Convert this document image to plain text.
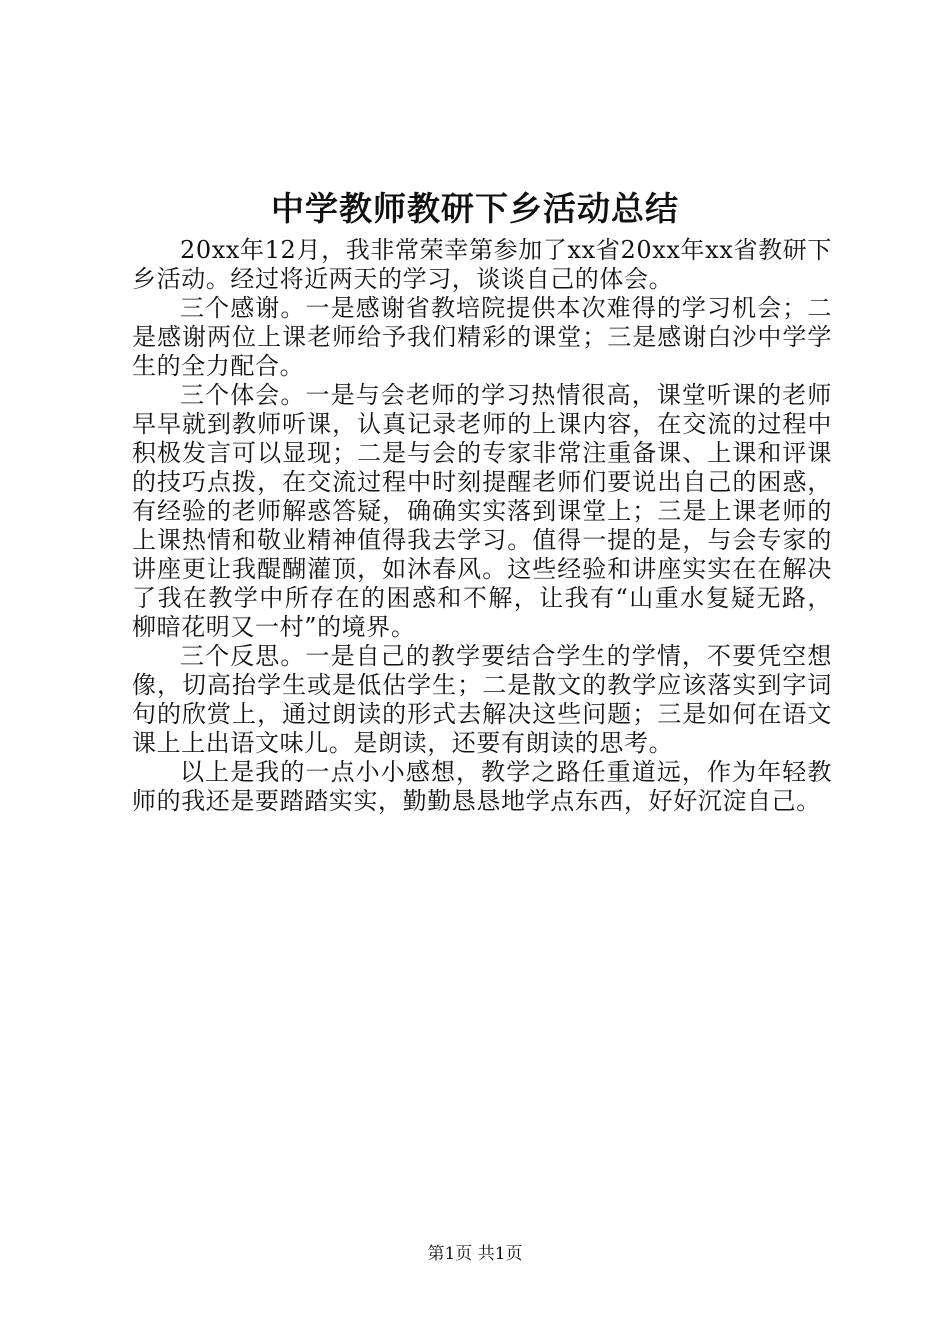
中学教师教研下乡活动总结

20xx年12月，我非常荣幸第参加了xx省20xx年xx省教研下乡活动。经过将近两天的学习，谈谈自己的体会。

三个感谢。一是感谢省教培院提供本次难得的学习机会；二是感谢两位上课老师给予我们精彩的课堂；三是感谢白沙中学学生的全力配合。

三个体会。一是与会老师的学习热情很高，课堂听课的老师早早就到教师听课，认真记录老师的上课内容，在交流的过程中积极发言可以显现；二是与会的专家非常注重备课、上课和评课的技巧点拨，在交流过程中时刻提醒老师们要说出自己的困惑，有经验的老师解惑答疑，确确实实落到课堂上；三是上课老师的上课热情和敬业精神值得我去学习。值得一提的是，与会专家的讲座更让我醍醐灌顶，如沐春风。这些经验和讲座实实在在解决了我在教学中所存在的困惑和不解，让我有“山重水复疑无路，柳暗花明又一村”的境界。

三个反思。一是自己的教学要结合学生的学情，不要凭空想像，切高抬学生或是低估学生；二是散文的教学应该落实到字词句的欣赏上，通过朗读的形式去解决这些问题；三是如何在语文课上上出语文味儿。是朗读，还要有朗读的思考。

以上是我的一点小小感想，教学之路任重道远，作为年轻教师的我还是要踏踏实实，勤勤恳恳地学点东西，好好沉淀自己。

第1页 共1页
